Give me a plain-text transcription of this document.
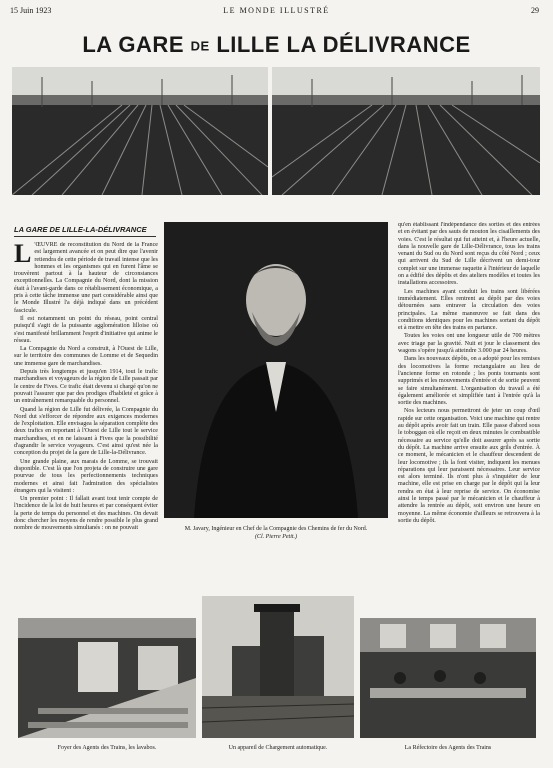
15 Juin 1923	LE MONDE ILLUSTRÉ	29
LA GARE DE LILLE LA DÉLIVRANCE
LA GARE DE LILLE-LA-DÉLIVRANCE
L 'ŒUVRE de reconstitution du Nord de la France est largement avancée et on peut dire que l'avenir retiendra de cette période de travail intense que les hommes et les organismes qui en furent l'âme se trouvèrent partout à la hauteur de circonstances exceptionnelles. La Compagnie du Nord, dont la mission était à l'avant-garde dans ce rétablissement économique, a pris à cette tâche immense une part considérable ainsi que le Monde Illustré l'a déjà indiqué dans un précédent fascicule.

Il est notamment un point du réseau, point central puisqu'il s'agit de la puissante agglomération lilloise où s'est manifesté brillamment l'esprit d'initiative qui anime le réseau.

La Compagnie du Nord a construit, à l'Ouest de Lille, sur le territoire des communes de Lomme et de Sequedin une immense gare de marchandises.

Depuis très longtemps et jusqu'en 1914, tout le trafic marchandises et voyageurs de la région de Lille passait par le centre de Fives. Ce trafic était devenu si chargé qu'on ne pouvait l'assurer que par des prodiges d'habileté et grâce à un entraînement remarquable du personnel.

Quand la région de Lille fut délivrée, la Compagnie du Nord dut s'efforcer de répondre aux exigences modernes de l'exploitation. Elle envisagea la séparation complète des deux trafics en reportant à l'Ouest de Lille tout le service marchandises, et en ne laissant à Fives que la possibilité d'agrandir le service voyageurs. C'est ainsi qu'est née la conception du projet de la gare de Lille-la-Délivrance.

Une grande plaine, aux marais de Lomme, se trouvait disponible. C'est là que l'on projeta de construire une gare pourvue de tous les perfectionnements techniques modernes et ainsi fait l'admiration des spécialistes étrangers qui la visitent :

Un premier point : Il fallait avant tout tenir compte de l'incidence de la loi de huit heures et par conséquent éviter la perte de temps du personnel et des machines. On devait donc chercher les moyens de rendre possible le plus grand nombre de mouvements simultanés : on ne pouvait	M. Javary, Ingénieur en Chef de la Compagnie des Chemins de fer du Nord.
(Cl. Pierre Petit.)

qu'en établissant l'indépendance des sorties et des entrées et en évitant par des sauts de mouton les cisaillements des voies. C'est le résultat qui fut atteint et, à l'heure actuelle, dans la nouvelle gare de Lille-Délivrance, tous les trains venant du Sud ou du Nord sont reçus du côté Nord ; ceux qui arrivent du Sud de Lille décrivent un demi-tour complet sur une immense raquette à l'intérieur de laquelle on a édifié des dépôts et des ateliers modèles et toutes les installations accessoires.

Les machines ayant conduit les trains sont libérées immédiatement. Elles rentrent au dépôt par des voies détournées sans entraver la circulation des voies principales. La même manœuvre se fait dans des conditions identiques pour les machines sortant du dépôt et à mettre en tête des trains en partance.

Toutes les voies ont une longueur utile de 700 mètres avec triage par la gravité. Nuit et jour le classement des wagons s'opère jusqu'à atteindre 3.000 par 24 heures.

Dans les nouveaux dépôts, on a adopté pour les remises des locomotives la forme rectangulaire au lieu de l'ancienne forme en rotonde ; les ponts tournants sont supprimés et les mouvements d'entrée et de sortie peuvent se faire simultanément. L'organisation du travail a été également améliorée et simplifiée tant à l'entrée qu'à la sortie des machines.

Nos lecteurs nous permettront de jeter un coup d'œil rapide sur cette organisation. Voici une machine qui rentre au dépôt après avoir fait un train. Elle passe d'abord sous le toboggan où elle reçoit en deux minutes le combustible nécessaire au service qu'elle doit assurer après sa sortie du dépôt. La machine arrive ensuite aux grils d'entrée. À ce moment, le mécanicien et le chauffeur descendent de leur locomotive ; ils la font visiter, indiquent les menues réparations qui leur paraissent nécessaires. Leur service est alors terminé. Ils n'ont plus à s'inquiéter de leur machine, elle est prise en charge par le dépôt qui la leur rendra en état à leur reprise de service. On économise ainsi le temps passé par le mécanicien et le chauffeur à attendre la rentrée au dépôt, soit environ une heure en moyenne. La même économie d'ailleurs se retrouvera à la sortie du dépôt.

Foyer des Agents des Trains, les lavabos.	Un appareil de Chargement automatique.	La Réfectoire des Agents des Trains
